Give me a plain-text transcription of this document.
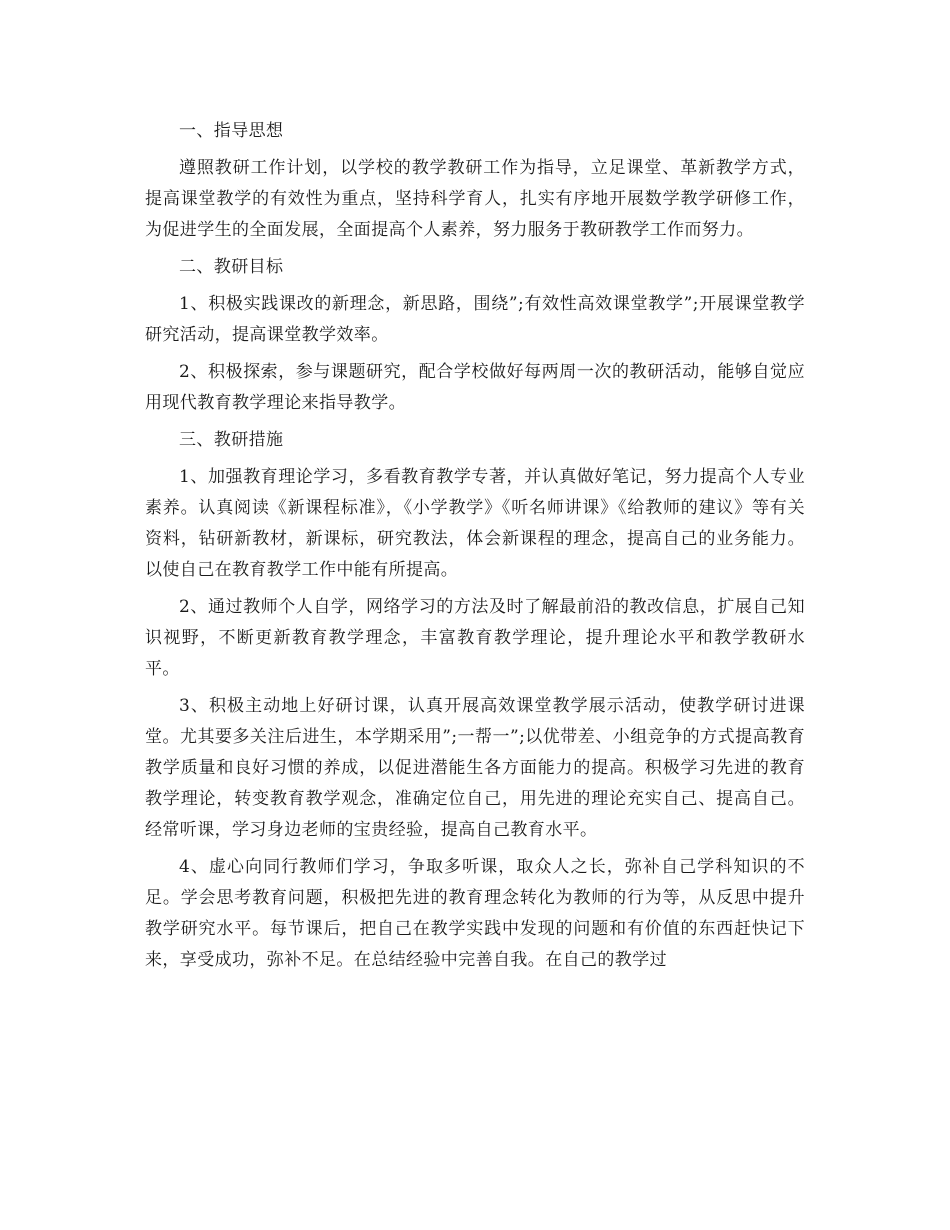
一、指导思想

遵照教研工作计划，以学校的教学教研工作为指导，立足课堂、革新教学方式，提高课堂教学的有效性为重点，坚持科学育人，扎实有序地开展数学教学研修工作，为促进学生的全面发展，全面提高个人素养，努力服务于教研教学工作而努力。

二、教研目标

1、积极实践课改的新理念，新思路，围绕”;有效性高效课堂教学”;开展课堂教学研究活动，提高课堂教学效率。

2、积极探索，参与课题研究，配合学校做好每两周一次的教研活动，能够自觉应用现代教育教学理论来指导教学。

三、教研措施

1、加强教育理论学习，多看教育教学专著，并认真做好笔记，努力提高个人专业素养。认真阅读《新课程标准》，《小学教学》《听名师讲课》《给教师的建议》等有关资料，钻研新教材，新课标，研究教法，体会新课程的理念，提高自己的业务能力。以使自己在教育教学工作中能有所提高。

2、通过教师个人自学，网络学习的方法及时了解最前沿的教改信息，扩展自己知识视野，不断更新教育教学理念，丰富教育教学理论，提升理论水平和教学教研水平。

3、积极主动地上好研讨课，认真开展高效课堂教学展示活动，使教学研讨进课堂。尤其要多关注后进生，本学期采用”;一帮一”;以优带差、小组竞争的方式提高教育教学质量和良好习惯的养成，以促进潜能生各方面能力的提高。积极学习先进的教育教学理论，转变教育教学观念，准确定位自己，用先进的理论充实自己、提高自己。经常听课，学习身边老师的宝贵经验，提高自己教育水平。

4、虚心向同行教师们学习，争取多听课，取众人之长，弥补自己学科知识的不足。学会思考教育问题，积极把先进的教育理念转化为教师的行为等，从反思中提升教学研究水平。每节课后，把自己在教学实践中发现的问题和有价值的东西赶快记下来，享受成功，弥补不足。在总结经验中完善自我。在自己的教学过
